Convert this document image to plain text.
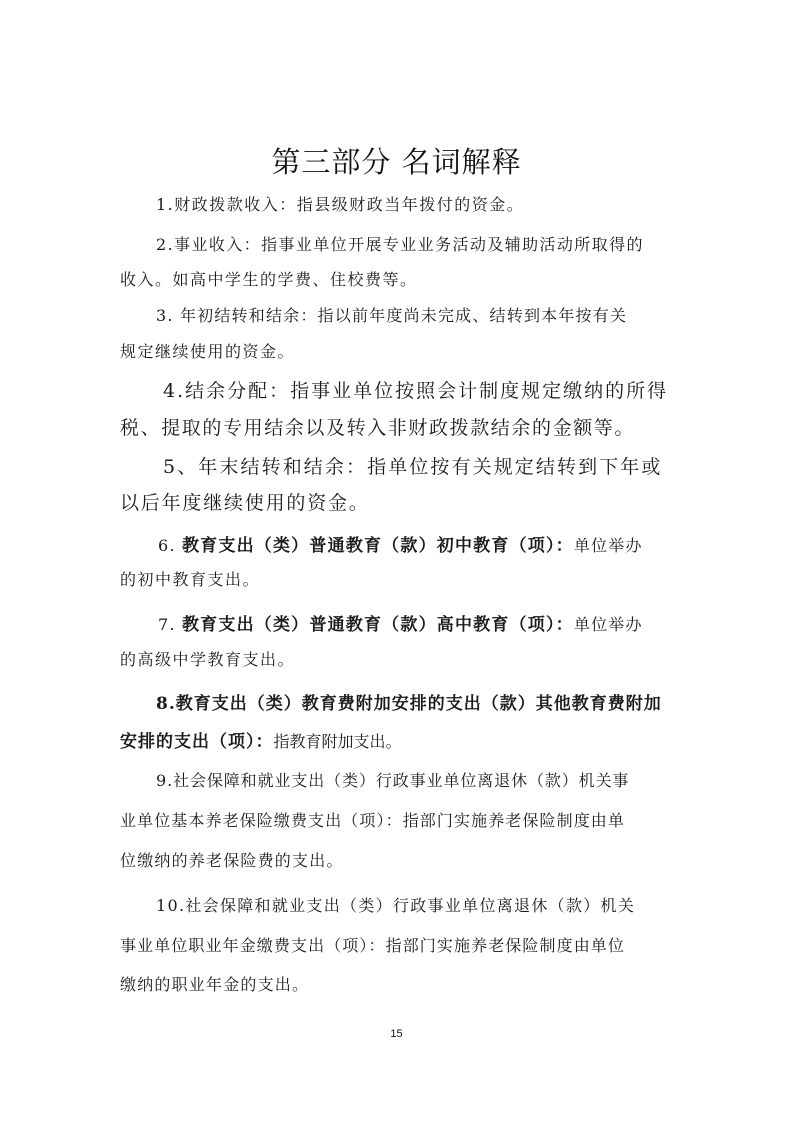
第三部分 名词解释
1.财政拨款收入：指县级财政当年拨付的资金。
2.事业收入：指事业单位开展专业业务活动及辅助活动所取得的
收入。如高中学生的学费、住校费等。
3. 年初结转和结余：指以前年度尚未完成、结转到本年按有关
规定继续使用的资金。
4.结余分配：指事业单位按照会计制度规定缴纳的所得
税、提取的专用结余以及转入非财政拨款结余的金额等。
5、年末结转和结余：指单位按有关规定结转到下年或
以后年度继续使用的资金。
6. 教育支出（类）普通教育（款）初中教育（项）：单位举办
的初中教育支出。
7. 教育支出（类）普通教育（款）高中教育（项）：单位举办
的高级中学教育支出。
8.教育支出（类）教育费附加安排的支出（款）其他教育费附加
安排的支出（项）：指教育附加支出。
9.社会保障和就业支出（类）行政事业单位离退休（款）机关事
业单位基本养老保险缴费支出（项）：指部门实施养老保险制度由单
位缴纳的养老保险费的支出。
10.社会保障和就业支出（类）行政事业单位离退休（款）机关
事业单位职业年金缴费支出（项）：指部门实施养老保险制度由单位
缴纳的职业年金的支出。
15
